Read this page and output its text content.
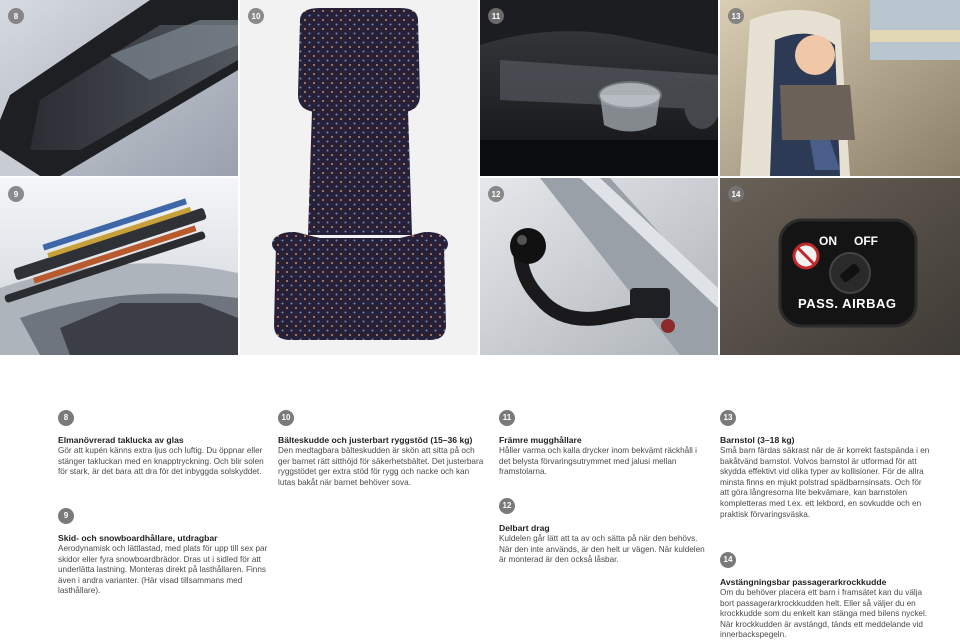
8
9
10	11
12
13
ON OFF
PASS. AIRBAG
14
8
Elmanövrerad taklucka av glas

Gör att kupén känns extra ljus och luftig. Du öppnar eller stänger takluckan med en knapptryckning. Och blir solen för stark, är det bara att dra för det inbyggda solskyddet.

9
Skid- och snowboardhållare, utdragbar

Aerodynamisk och lättlastad, med plats för upp till sex par skidor eller fyra snowboardbrädor. Dras ut i sidled för att underlätta lastning. Monteras direkt på lasthållaren. Finns även i andra varianter. (Här visad tillsammans med lasthållare).

10
Bälteskudde och justerbart ryggstöd (15–36 kg)

Den medtagbara bälteskudden är skön att sitta på och ger barnet rätt sitthöjd för säkerhetsbältet. Det justerbara ryggstödet ger extra stöd för rygg och nacke och kan lutas bakåt när barnet behöver sova.

11
Främre mugghållare

Håller varma och kalla drycker inom bekvämt räckhåll i det belysta förvaringsutrymmet med jalusi mellan framstolarna.

12
Delbart drag

Kuldelen går lätt att ta av och sätta på när den behövs. När den inte används, är den helt ur vägen. När kuldelen är monterad är den också låsbar.

13
Barnstol (3–18 kg)

Små barn färdas säkrast när de är korrekt fastspända i en bakåtvänd barnstol. Volvos barnstol är utformad för att skydda effektivt vid olika typer av kollisioner. För de allra minsta finns en mjukt polstrad spädbarnsinsats. Och för att göra långresorna lite bekvämare, kan barnstolen kompletteras med t.ex. ett lekbord, en sovkudde och en praktisk förvaringsväska.

14
Avstängningsbar passagerarkrockkudde

Om du behöver placera ett barn i framsätet kan du välja bort passagerarkrockkudden helt. Eller så väljer du en krockkudde som du enkelt kan stänga med bilens nyckel. När krockkudden är avstängd, tänds ett meddelande vid innerbackspegeln.
